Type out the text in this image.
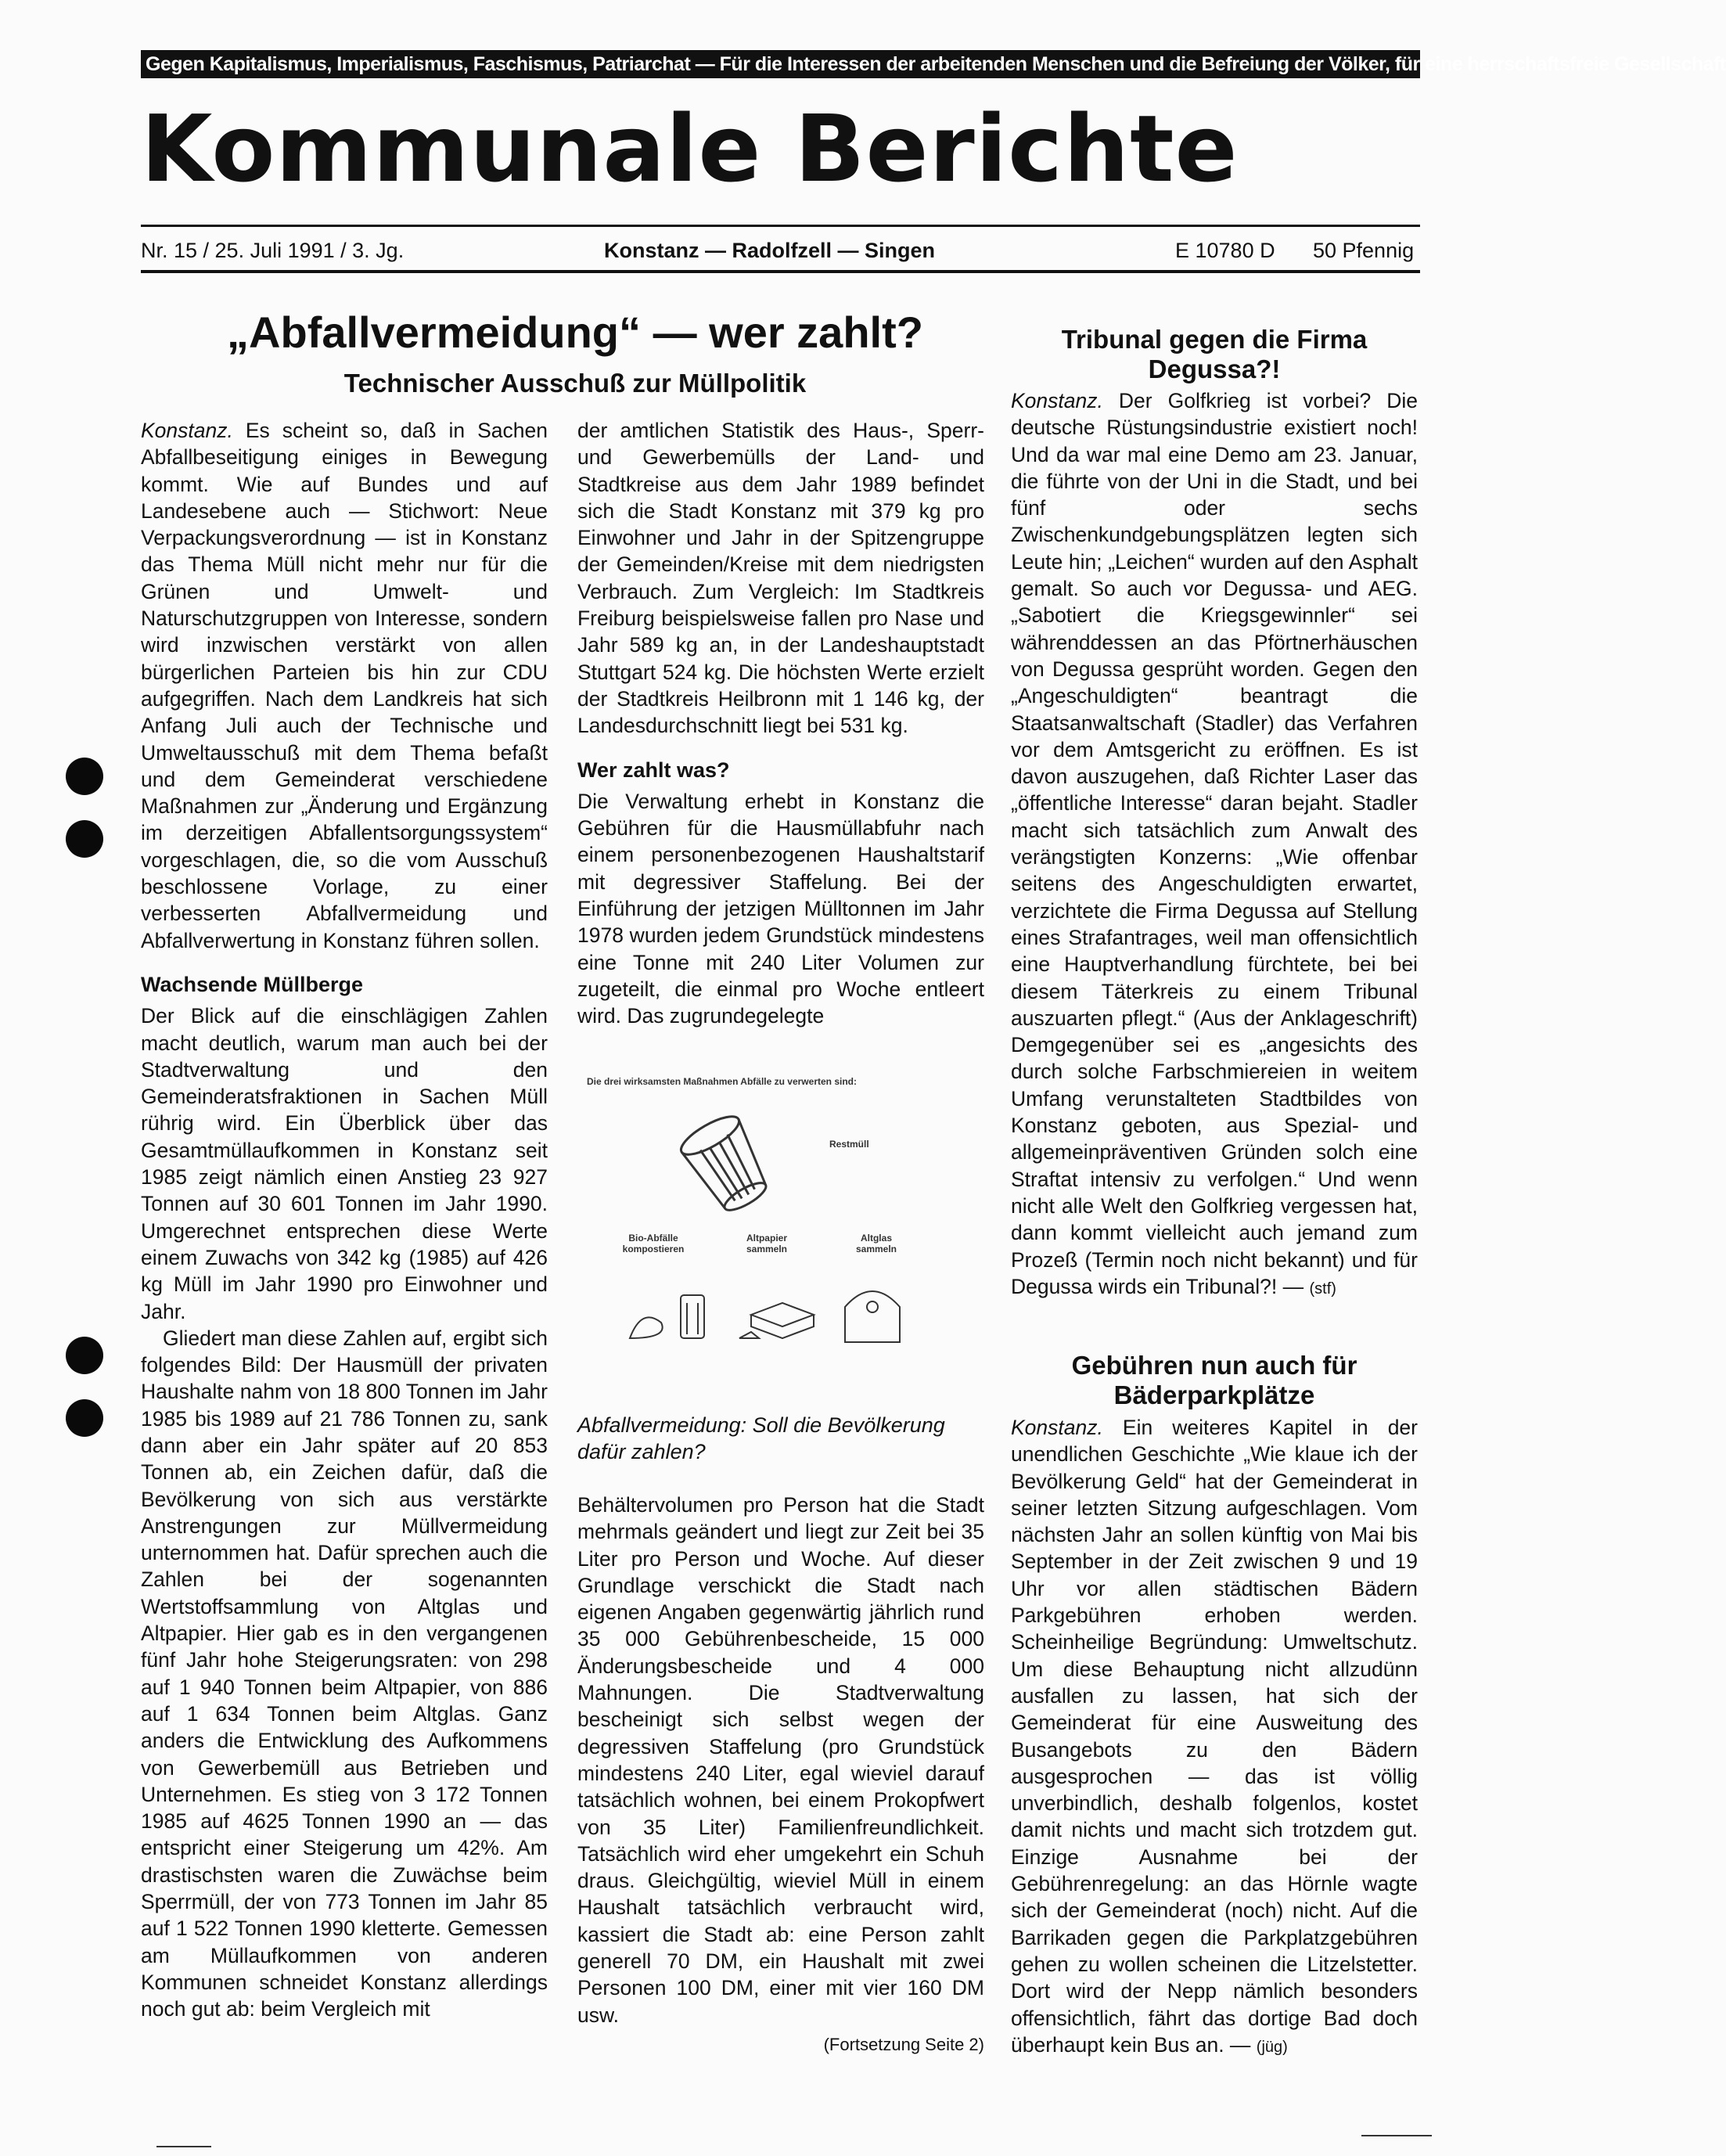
Gegen Kapitalismus, Imperialismus, Faschismus, Patriarchat — Für die Interessen der arbeitenden Menschen und die Befreiung der Völker, für eine herrschaftsfreie Gesellschaft
Kommunale Berichte
Nr. 15 / 25. Juli 1991 / 3. Jg.	Konstanz — Radolfzell — Singen	E 10780 D 50 Pfennig
„Abfallvermeidung“ — wer zahlt?
Technischer Ausschuß zur Müllpolitik

Konstanz. Es scheint so, daß in Sachen Abfallbeseitigung einiges in Bewegung kommt. Wie auf Bundes und auf Landesebene auch — Stichwort: Neue Verpackungsverordnung — ist in Konstanz das Thema Müll nicht mehr nur für die Grünen und Umwelt- und Naturschutzgruppen von Interesse, sondern wird inzwischen verstärkt von allen bürgerlichen Parteien bis hin zur CDU aufgegriffen. Nach dem Landkreis hat sich Anfang Juli auch der Technische und Umweltausschuß mit dem Thema befaßt und dem Gemeinderat verschiedene Maßnahmen zur „Änderung und Ergänzung im derzeitigen Abfallentsorgungssystem“ vorgeschlagen, die, so die vom Ausschuß beschlossene Vorlage, zu einer verbesserten Abfallvermeidung und Abfallverwertung in Konstanz führen sollen.

Wachsende Müllberge

Der Blick auf die einschlägigen Zahlen macht deutlich, warum man auch bei der Stadtverwaltung und den Gemeinderatsfraktionen in Sachen Müll rührig wird. Ein Überblick über das Gesamtmüllaufkommen in Konstanz seit 1985 zeigt nämlich einen Anstieg 23 927 Tonnen auf 30 601 Tonnen im Jahr 1990. Umgerechnet entsprechen diese Werte einem Zuwachs von 342 kg (1985) auf 426 kg Müll im Jahr 1990 pro Einwohner und Jahr.

Gliedert man diese Zahlen auf, ergibt sich folgendes Bild: Der Hausmüll der privaten Haushalte nahm von 18 800 Tonnen im Jahr 1985 bis 1989 auf 21 786 Tonnen zu, sank dann aber ein Jahr später auf 20 853 Tonnen ab, ein Zeichen dafür, daß die Bevölkerung von sich aus verstärkte Anstrengungen zur Müllvermeidung unternommen hat. Dafür sprechen auch die Zahlen bei der sogenannten Wertstoffsammlung von Altglas und Altpapier. Hier gab es in den vergangenen fünf Jahr hohe Steigerungsraten: von 298 auf 1 940 Tonnen beim Altpapier, von 886 auf 1 634 Tonnen beim Altglas. Ganz anders die Entwicklung des Aufkommens von Gewerbemüll aus Betrieben und Unternehmen. Es stieg von 3 172 Tonnen 1985 auf 4625 Tonnen 1990 an — das entspricht einer Steigerung um 42%. Am drastischsten waren die Zuwächse beim Sperrmüll, der von 773 Tonnen im Jahr 85 auf 1 522 Tonnen 1990 kletterte. Gemessen am Müllaufkommen von anderen Kommunen schneidet Konstanz allerdings noch gut ab: beim Vergleich mit

der amtlichen Statistik des Haus-, Sperr- und Gewerbemülls der Land- und Stadtkreise aus dem Jahr 1989 befindet sich die Stadt Konstanz mit 379 kg pro Einwohner und Jahr in der Spitzengruppe der Gemeinden/Kreise mit dem niedrigsten Verbrauch. Zum Vergleich: Im Stadtkreis Freiburg beispielsweise fallen pro Nase und Jahr 589 kg an, in der Landeshauptstadt Stuttgart 524 kg. Die höchsten Werte erzielt der Stadtkreis Heilbronn mit 1 146 kg, der Landesdurchschnitt liegt bei 531 kg.

Wer zahlt was?

Die Verwaltung erhebt in Konstanz die Gebühren für die Hausmüllabfuhr nach einem personenbezogenen Haushaltstarif mit degressiver Staffelung. Bei der Einführung der jetzigen Mülltonnen im Jahr 1978 wurden jedem Grundstück mindestens eine Tonne mit 240 Liter Volumen zur zugeteilt, die einmal pro Woche entleert wird. Das zugrundegelegte

Die drei wirksamsten Maßnahmen Abfälle zu verwerten sind:
Restmüll
Bio-Abfälle kompostieren
Altpapier sammeln
Altglas sammeln
Abfallvermeidung: Soll die Bevölkerung dafür zahlen?

Behältervolumen pro Person hat die Stadt mehrmals geändert und liegt zur Zeit bei 35 Liter pro Person und Woche. Auf dieser Grundlage verschickt die Stadt nach eigenen Angaben gegenwärtig jährlich rund 35 000 Gebührenbescheide, 15 000 Änderungsbescheide und 4 000 Mahnungen. Die Stadtverwaltung bescheinigt sich selbst wegen der degressiven Staffelung (pro Grundstück mindestens 240 Liter, egal wieviel darauf tatsächlich wohnen, bei einem Prokopfwert von 35 Liter) Familienfreundlichkeit. Tatsächlich wird eher umgekehrt ein Schuh draus. Gleichgültig, wieviel Müll in einem Haushalt tatsächlich verbraucht wird, kassiert die Stadt ab: eine Person zahlt generell 70 DM, ein Haushalt mit zwei Personen 100 DM, einer mit vier 160 DM usw.

(Fortsetzung Seite 2)
Tribunal gegen die Firma Degussa?!

Konstanz. Der Golfkrieg ist vorbei? Die deutsche Rüstungsindustrie existiert noch! Und da war mal eine Demo am 23. Januar, die führte von der Uni in die Stadt, und bei fünf oder sechs Zwischenkundgebungsplätzen legten sich Leute hin; „Leichen“ wurden auf den Asphalt gemalt. So auch vor Degussa- und AEG. „Sabotiert die Kriegsgewinnler“ sei währenddessen an das Pförtnerhäuschen von Degussa gesprüht worden. Gegen den „Angeschuldigten“ beantragt die Staatsanwaltschaft (Stadler) das Verfahren vor dem Amtsgericht zu eröffnen. Es ist davon auszugehen, daß Richter Laser das „öffentliche Interesse“ daran bejaht. Stadler macht sich tatsächlich zum Anwalt des verängstigten Konzerns: „Wie offenbar seitens des Angeschuldigten erwartet, verzichtete die Firma Degussa auf Stellung eines Strafantrages, weil man offensichtlich eine Hauptverhandlung fürchtete, bei bei diesem Täterkreis zu einem Tribunal auszuarten pflegt.“ (Aus der Anklageschrift) Demgegenüber sei es „angesichts des durch solche Farbschmiereien in weitem Umfang verunstalteten Stadtbildes von Konstanz geboten, aus Spezial- und allgemeinpräventiven Gründen solch eine Straftat intensiv zu verfolgen.“ Und wenn nicht alle Welt den Golfkrieg vergessen hat, dann kommt vielleicht auch jemand zum Prozeß (Termin noch nicht bekannt) und für Degussa wirds ein Tribunal?! — (stf)

Gebühren nun auch für Bäderparkplätze

Konstanz. Ein weiteres Kapitel in der unendlichen Geschichte „Wie klaue ich der Bevölkerung Geld“ hat der Gemeinderat in seiner letzten Sitzung aufgeschlagen. Vom nächsten Jahr an sollen künftig von Mai bis September in der Zeit zwischen 9 und 19 Uhr vor allen städtischen Bädern Parkgebühren erhoben werden. Scheinheilige Begründung: Umweltschutz. Um diese Behauptung nicht allzudünn ausfallen zu lassen, hat sich der Gemeinderat für eine Ausweitung des Busangebots zu den Bädern ausgesprochen — das ist völlig unverbindlich, deshalb folgenlos, kostet damit nichts und macht sich trotzdem gut. Einzige Ausnahme bei der Gebührenregelung: an das Hörnle wagte sich der Gemeinderat (noch) nicht. Auf die Barrikaden gegen die Parkplatzgebühren gehen zu wollen scheinen die Litzelstetter. Dort wird der Nepp nämlich besonders offensichtlich, fährt das dortige Bad doch überhaupt kein Bus an. — (jüg)
